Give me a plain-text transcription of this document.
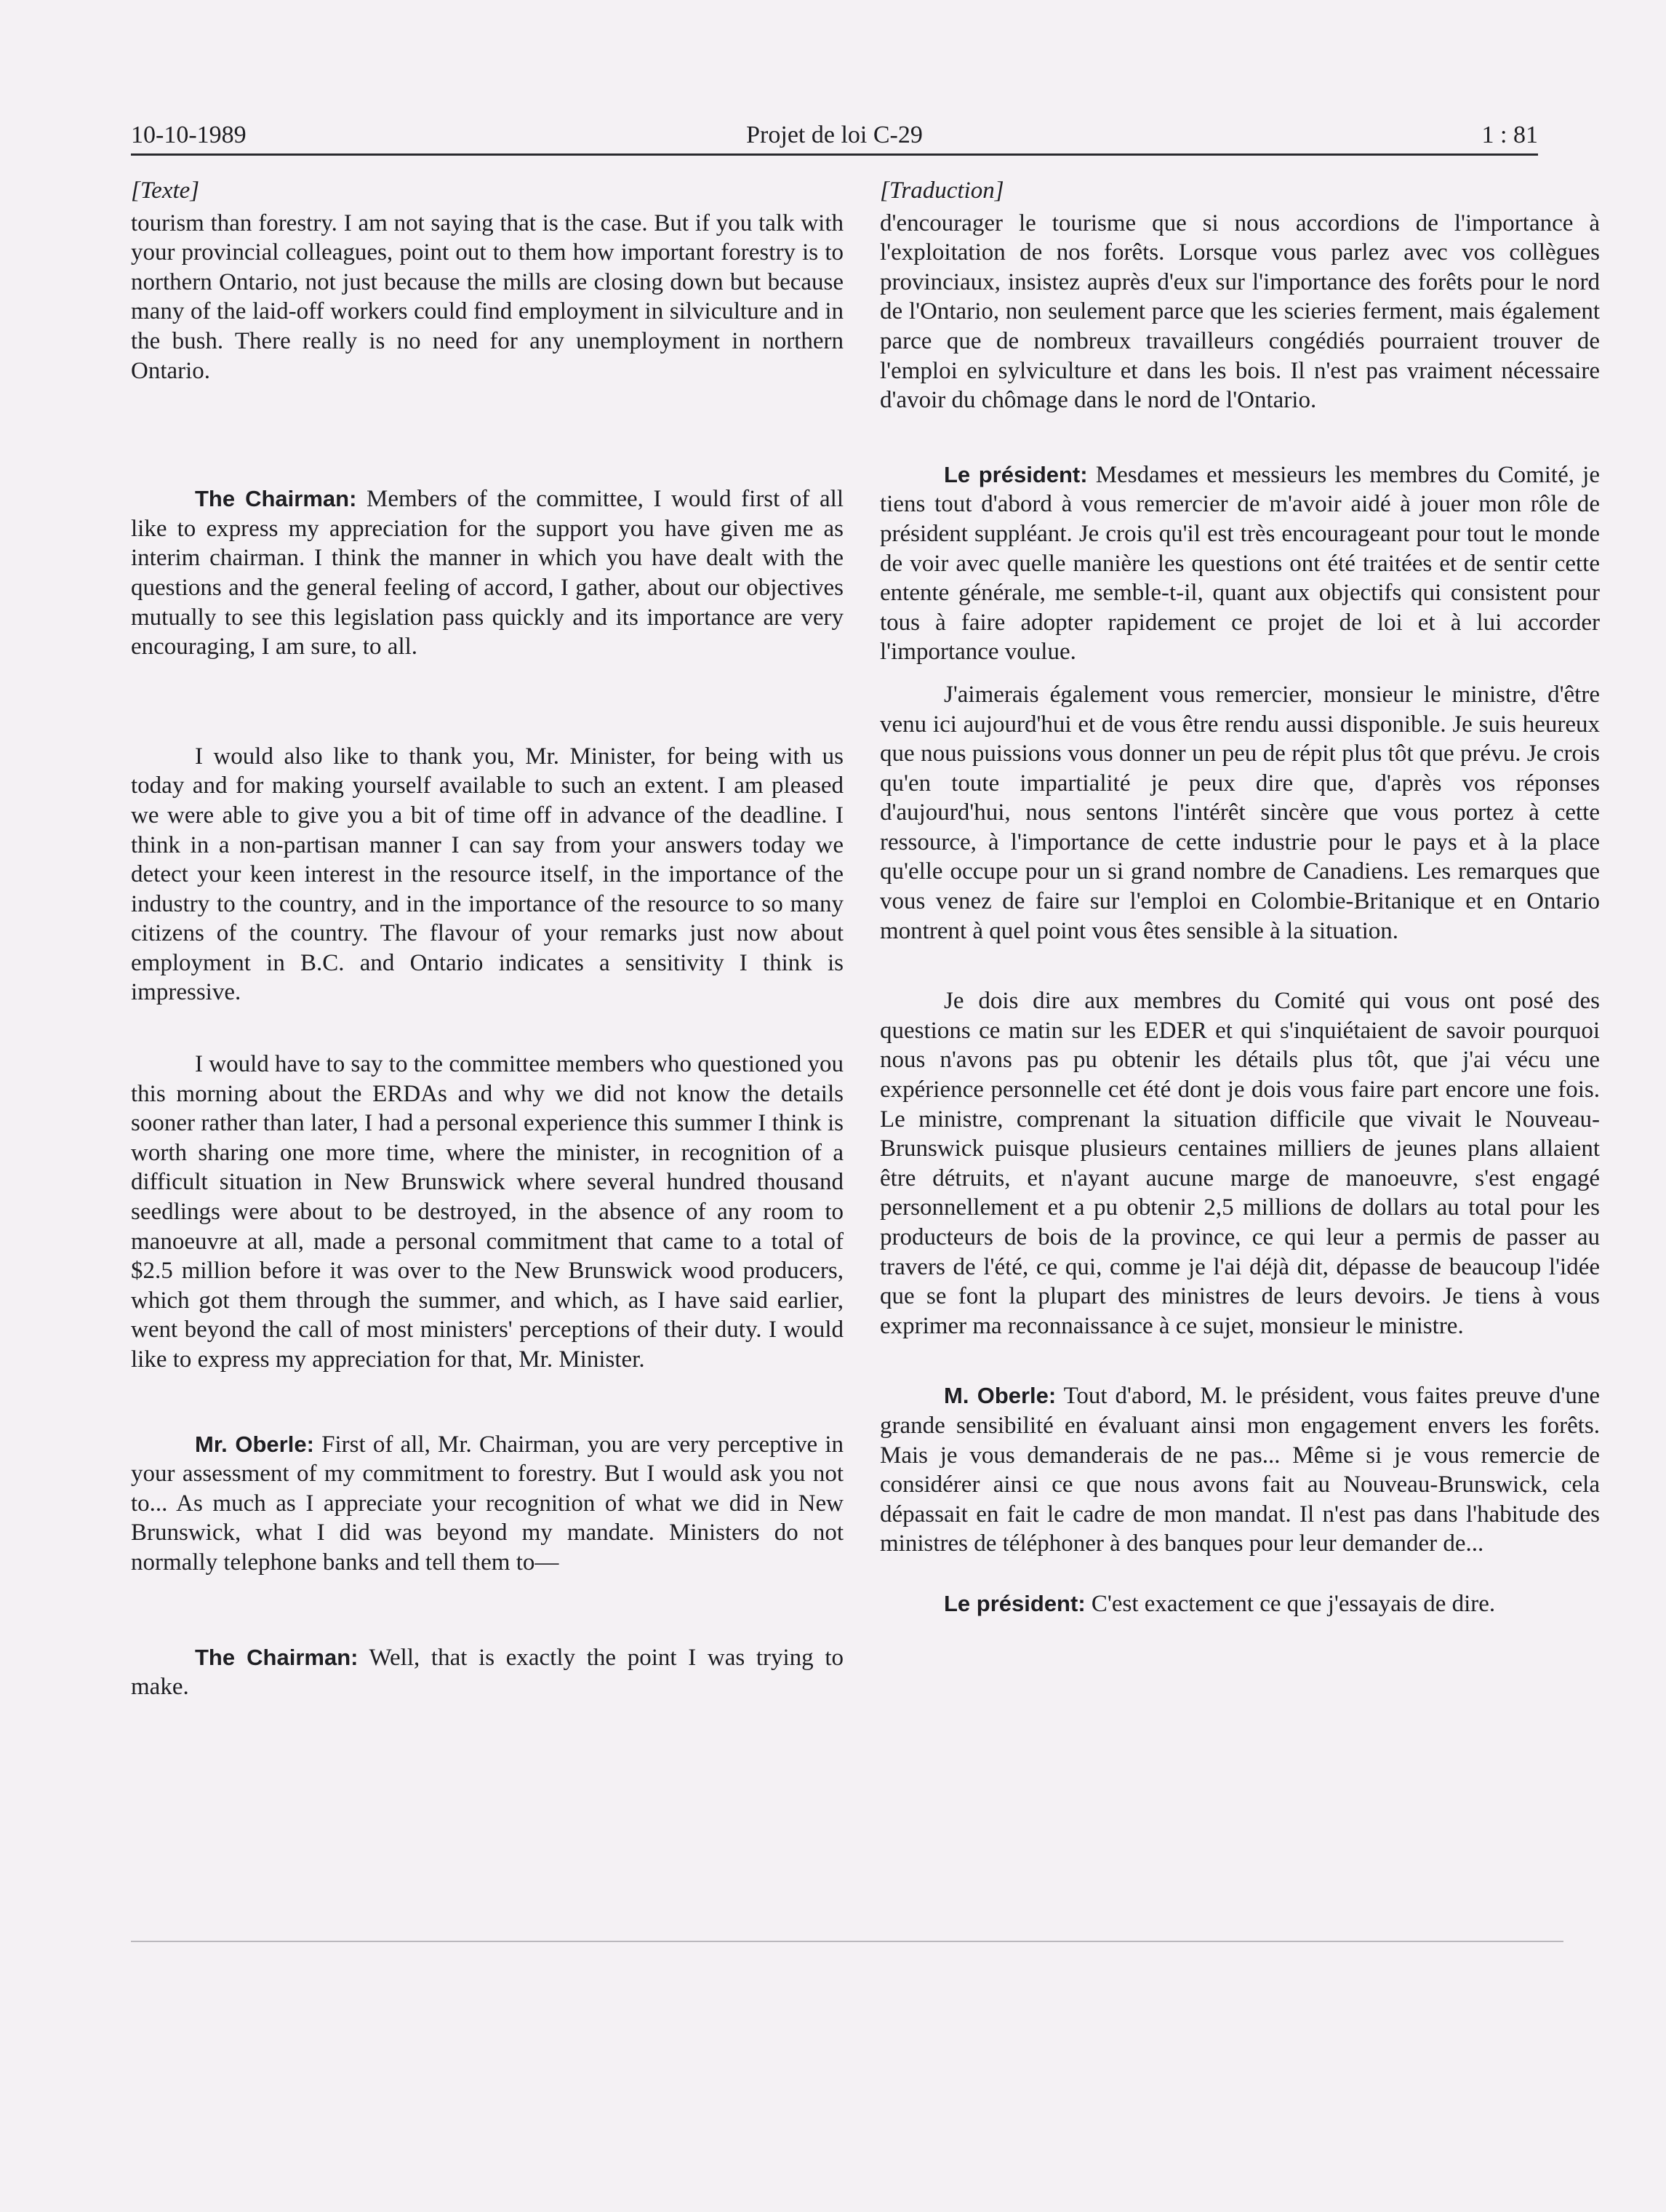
10-10-1989	Projet de loi C-29	1 : 81
[Texte]

tourism than forestry. I am not saying that is the case. But if you talk with your provincial colleagues, point out to them how important forestry is to northern Ontario, not just because the mills are closing down but because many of the laid-off workers could find employment in silviculture and in the bush. There really is no need for any unemployment in northern Ontario.

The Chairman: Members of the committee, I would first of all like to express my appreciation for the support you have given me as interim chairman. I think the manner in which you have dealt with the questions and the general feeling of accord, I gather, about our objectives mutually to see this legislation pass quickly and its importance are very encouraging, I am sure, to all.

I would also like to thank you, Mr. Minister, for being with us today and for making yourself available to such an extent. I am pleased we were able to give you a bit of time off in advance of the deadline. I think in a non-partisan manner I can say from your answers today we detect your keen interest in the resource itself, in the importance of the industry to the country, and in the importance of the resource to so many citizens of the country. The flavour of your remarks just now about employment in B.C. and Ontario indicates a sensitivity I think is impressive.

I would have to say to the committee members who questioned you this morning about the ERDAs and why we did not know the details sooner rather than later, I had a personal experience this summer I think is worth sharing one more time, where the minister, in recognition of a difficult situation in New Brunswick where several hundred thousand seedlings were about to be destroyed, in the absence of any room to manoeuvre at all, made a personal commitment that came to a total of $2.5 million before it was over to the New Brunswick wood producers, which got them through the summer, and which, as I have said earlier, went beyond the call of most ministers' perceptions of their duty. I would like to express my appreciation for that, Mr. Minister.

Mr. Oberle: First of all, Mr. Chairman, you are very perceptive in your assessment of my commitment to forestry. But I would ask you not to... As much as I appreciate your recognition of what we did in New Brunswick, what I did was beyond my mandate. Ministers do not normally telephone banks and tell them to—

The Chairman: Well, that is exactly the point I was trying to make.

[Traduction]

d'encourager le tourisme que si nous accordions de l'importance à l'exploitation de nos forêts. Lorsque vous parlez avec vos collègues provinciaux, insistez auprès d'eux sur l'importance des forêts pour le nord de l'Ontario, non seulement parce que les scieries ferment, mais également parce que de nombreux travailleurs congédiés pourraient trouver de l'emploi en sylviculture et dans les bois. Il n'est pas vraiment nécessaire d'avoir du chômage dans le nord de l'Ontario.

Le président: Mesdames et messieurs les membres du Comité, je tiens tout d'abord à vous remercier de m'avoir aidé à jouer mon rôle de président suppléant. Je crois qu'il est très encourageant pour tout le monde de voir avec quelle manière les questions ont été traitées et de sentir cette entente générale, me semble-t-il, quant aux objectifs qui consistent pour tous à faire adopter rapidement ce projet de loi et à lui accorder l'importance voulue.

J'aimerais également vous remercier, monsieur le ministre, d'être venu ici aujourd'hui et de vous être rendu aussi disponible. Je suis heureux que nous puissions vous donner un peu de répit plus tôt que prévu. Je crois qu'en toute impartialité je peux dire que, d'après vos réponses d'aujourd'hui, nous sentons l'intérêt sincère que vous portez à cette ressource, à l'importance de cette industrie pour le pays et à la place qu'elle occupe pour un si grand nombre de Canadiens. Les remarques que vous venez de faire sur l'emploi en Colombie-Britanique et en Ontario montrent à quel point vous êtes sensible à la situation.

Je dois dire aux membres du Comité qui vous ont posé des questions ce matin sur les EDER et qui s'inquiétaient de savoir pourquoi nous n'avons pas pu obtenir les détails plus tôt, que j'ai vécu une expérience personnelle cet été dont je dois vous faire part encore une fois. Le ministre, comprenant la situation difficile que vivait le Nouveau-Brunswick puisque plusieurs centaines milliers de jeunes plans allaient être détruits, et n'ayant aucune marge de manoeuvre, s'est engagé personnellement et a pu obtenir 2,5 millions de dollars au total pour les producteurs de bois de la province, ce qui leur a permis de passer au travers de l'été, ce qui, comme je l'ai déjà dit, dépasse de beaucoup l'idée que se font la plupart des ministres de leurs devoirs. Je tiens à vous exprimer ma reconnaissance à ce sujet, monsieur le ministre.

M. Oberle: Tout d'abord, M. le président, vous faites preuve d'une grande sensibilité en évaluant ainsi mon engagement envers les forêts. Mais je vous demanderais de ne pas... Même si je vous remercie de considérer ainsi ce que nous avons fait au Nouveau-Brunswick, cela dépassait en fait le cadre de mon mandat. Il n'est pas dans l'habitude des ministres de téléphoner à des banques pour leur demander de...

Le président: C'est exactement ce que j'essayais de dire.
